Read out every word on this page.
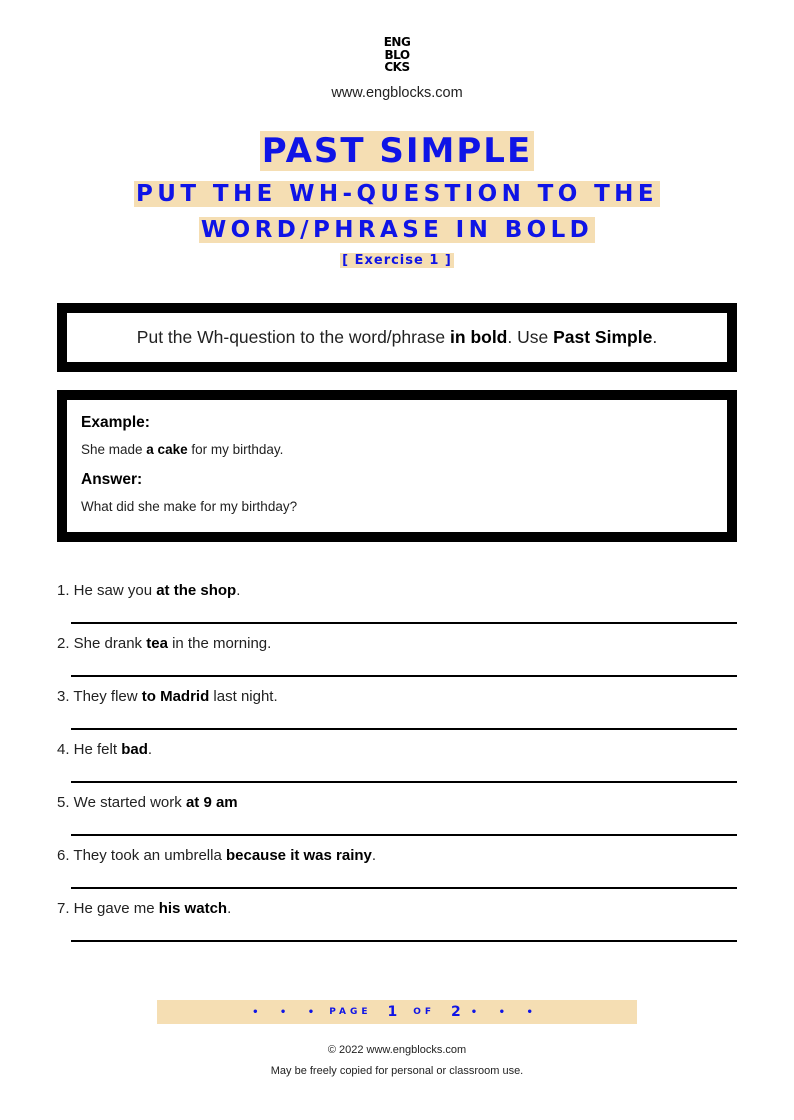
ENG
BLO
CKS
www.engblocks.com
PAST SIMPLE
PUT THE WH-QUESTION TO THE
WORD/PHRASE IN BOLD
[ Exercise 1 ]
Put the Wh-question to the word/phrase in bold. Use Past Simple.
Example:
She made a cake for my birthday.
Answer:
What did she make for my birthday?
1. He saw you at the shop.
2. She drank tea in the morning.
3. They flew to Madrid last night.
4. He felt bad.
5. We started work at 9 am
6. They took an umbrella because it was rainy.
7. He gave me his watch.
• • • PAGE 1 OF 2 • • •
© 2022 www.engblocks.com
May be freely copied for personal or classroom use.
